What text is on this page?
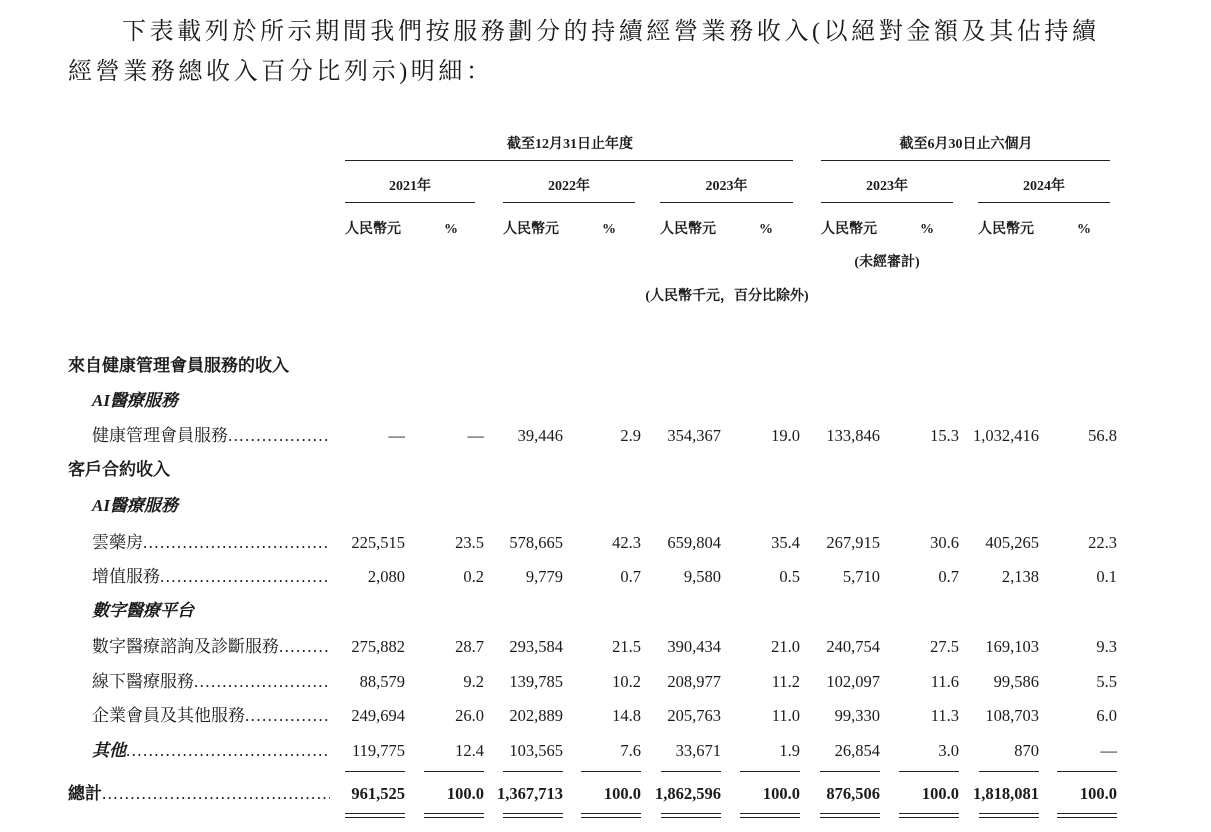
下表載列於所示期間我們按服務劃分的持續經營業務收入(以絕對金額及其佔持續
經營業務總收入百分比列示)明細：
截至12月31日止年度	截至6月30日止六個月
(人民幣千元，百分比除外)
2021年
人民幣元	%
2022年
人民幣元	%
2023年
人民幣元	%
2023年
人民幣元	%
(未經審計)
2024年
人民幣元	%
來自健康管理會員服務的收入
AI醫療服務
健康管理會員服務 .....	—	—	39,446	2.9	354,367	19.0	133,846	15.3 1,032,416	56.8
客戶合約收入
AI醫療服務
雲藥房 .....	225,515	23.5	578,665	42.3	659,804	35.4	267,915	30.6	405,265	22.3
增值服務 .....	2,080	0.2	9,779	0.7	9,580	0.5	5,710	0.7	2,138	0.1
數字醫療平台
數字醫療諮詢及診斷服務 .....	275,882	28.7	293,584	21.5	390,434	21.0	240,754	27.5	169,103	9.3
線下醫療服務 .....	88,579	9.2	139,785	10.2	208,977	11.2	102,097	11.6	99,586	5.5
企業會員及其他服務 .....	249,694	26.0	202,889	14.8	205,763	11.0	99,330	11.3	108,703	6.0
其他 .....	119,775	12.4	103,565	7.6	33,671	1.9	26,854	3.0	870	—
總計 .....	961,525	100.0 1,367,713	100.0 1,862,596	100.0	876,506	100.0 1,818,081	100.0
